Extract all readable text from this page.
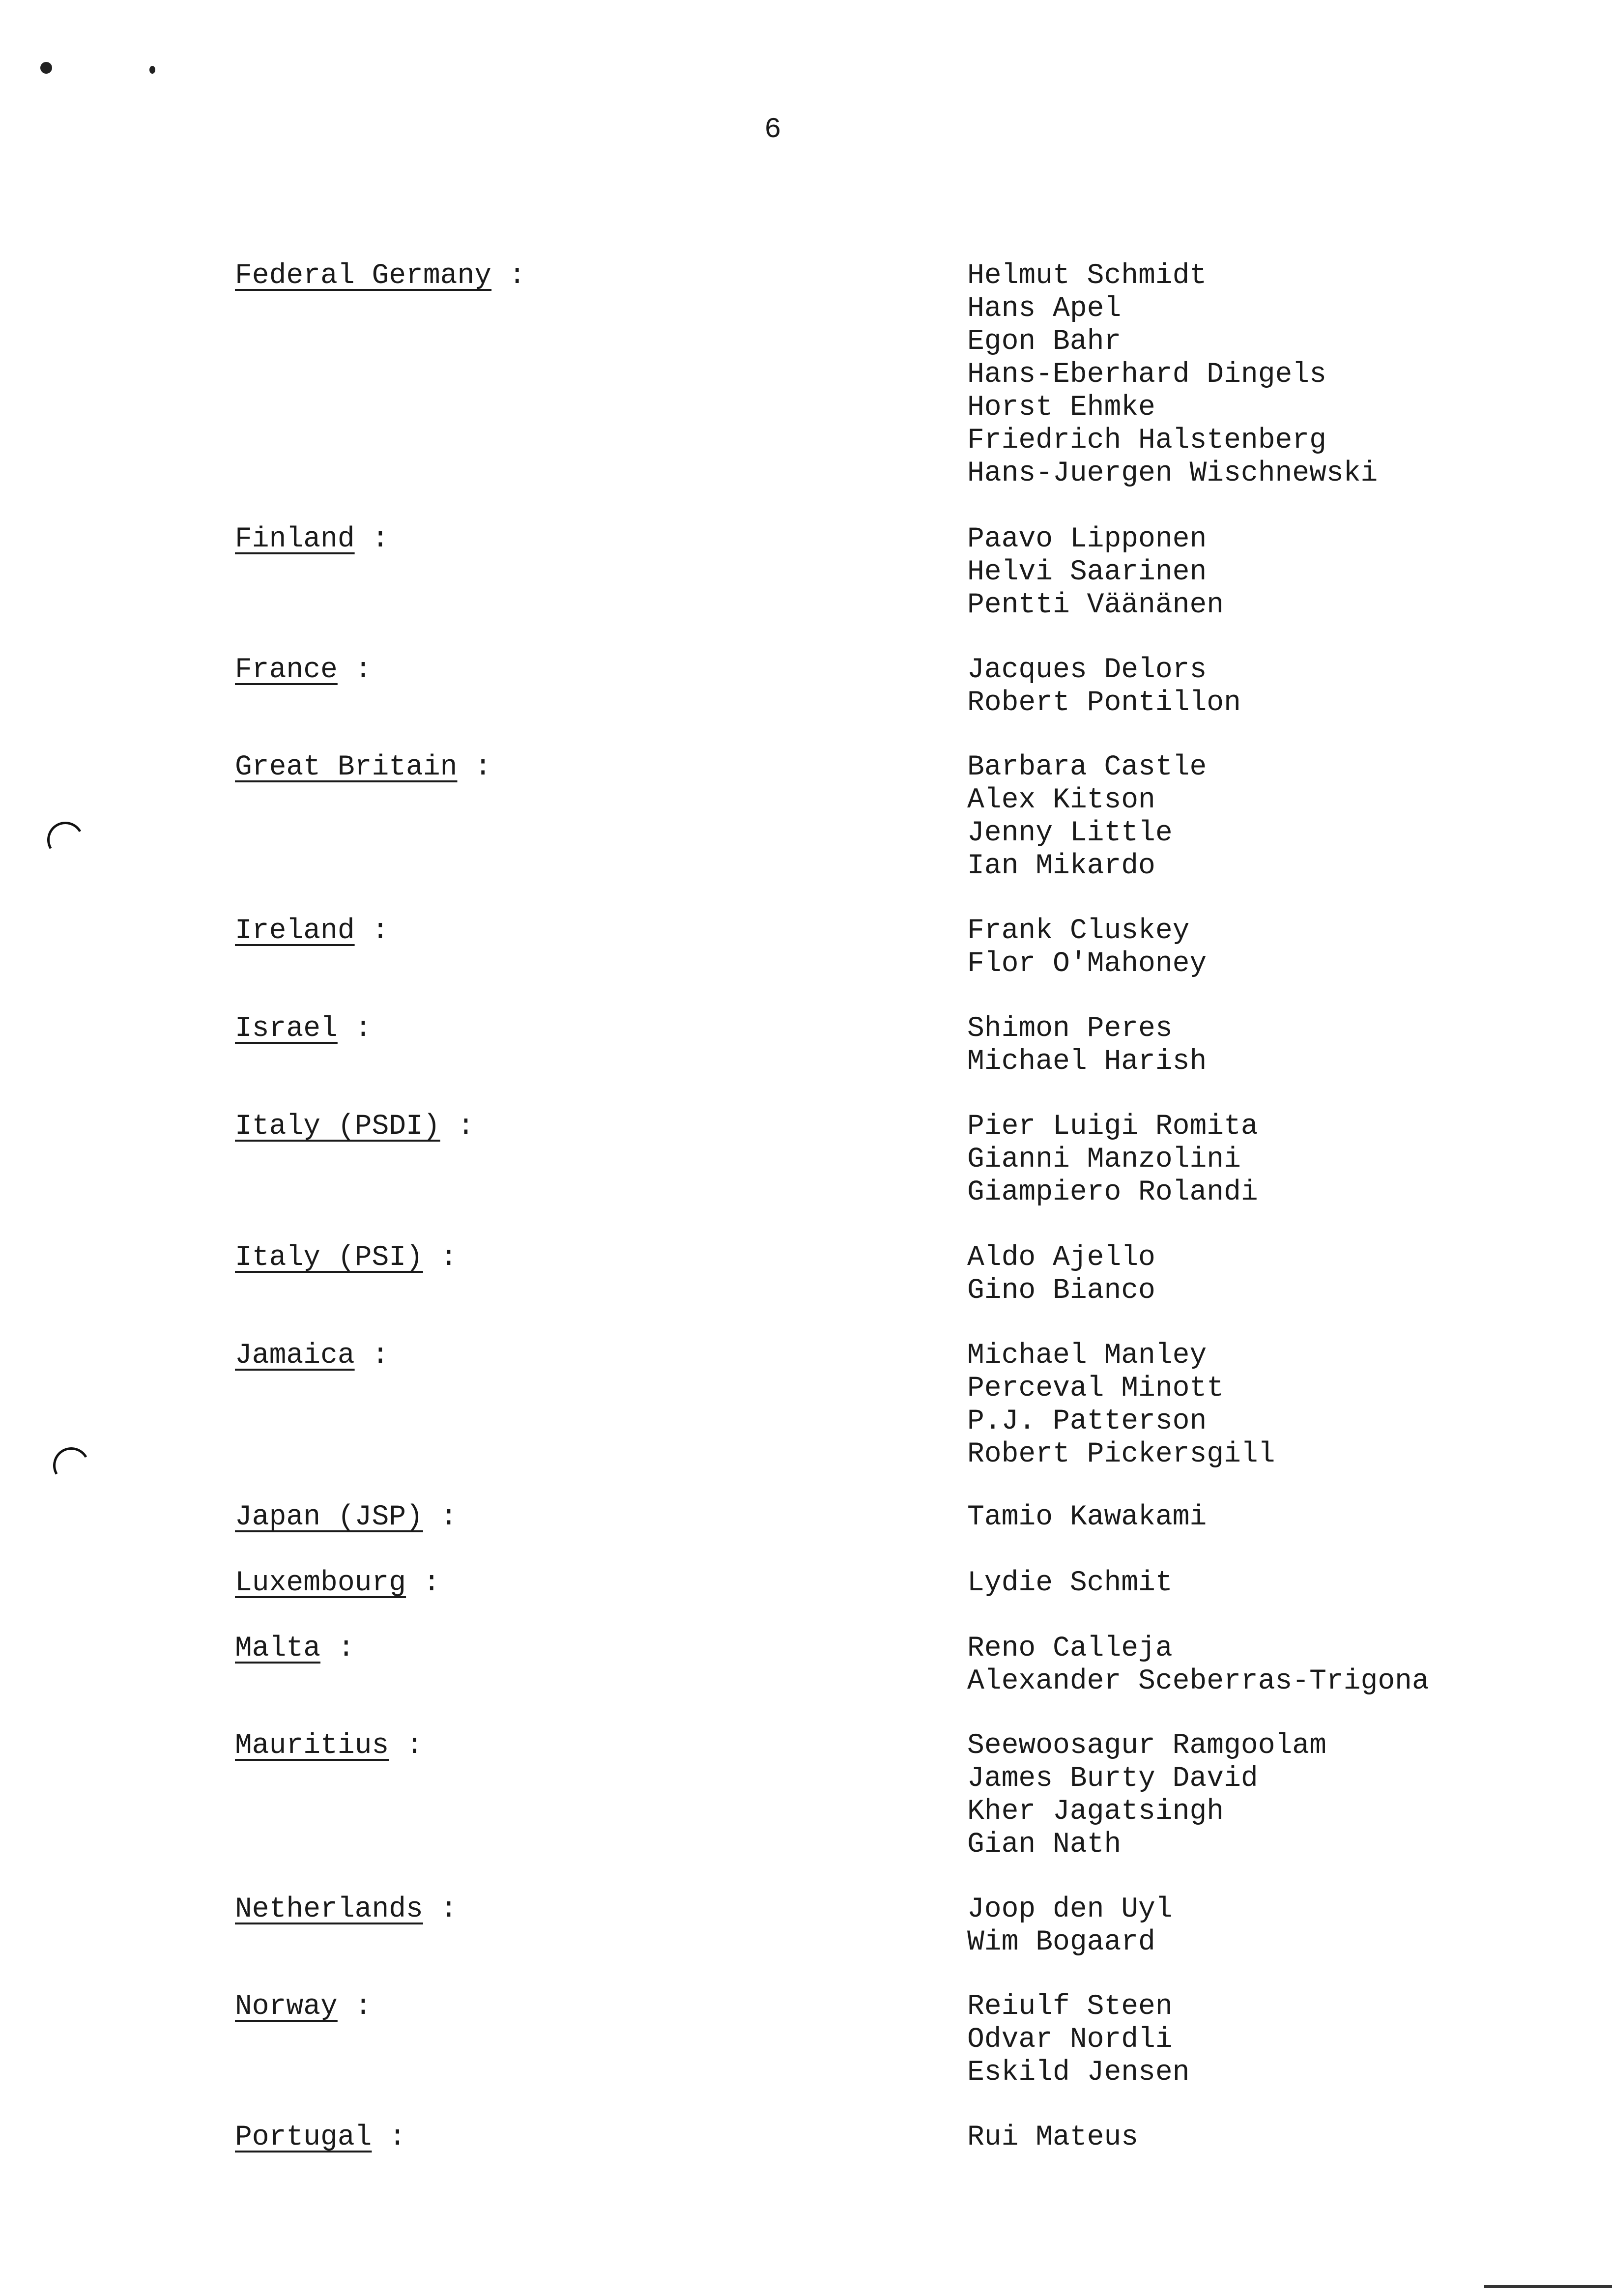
6
Federal Germany :	Helmut Schmidt
Hans Apel
Egon Bahr
Hans-Eberhard Dingels
Horst Ehmke
Friedrich Halstenberg
Hans-Juergen Wischnewski
Finland :	Paavo Lipponen
Helvi Saarinen
Pentti Väänänen
France :	Jacques Delors
Robert Pontillon
Great Britain :	Barbara Castle
Alex Kitson
Jenny Little
Ian Mikardo
Ireland :	Frank Cluskey
Flor O'Mahoney
Israel :	Shimon Peres
Michael Harish
Italy (PSDI) :	Pier Luigi Romita
Gianni Manzolini
Giampiero Rolandi
Italy (PSI) :	Aldo Ajello
Gino Bianco
Jamaica :	Michael Manley
Perceval Minott
P.J. Patterson
Robert Pickersgill
Japan (JSP) :	Tamio Kawakami
Luxembourg :	Lydie Schmit
Malta :	Reno Calleja
Alexander Sceberras-Trigona
Mauritius :	Seewoosagur Ramgoolam
James Burty David
Kher Jagatsingh
Gian Nath
Netherlands :	Joop den Uyl
Wim Bogaard
Norway :	Reiulf Steen
Odvar Nordli
Eskild Jensen
Portugal :	Rui Mateus
